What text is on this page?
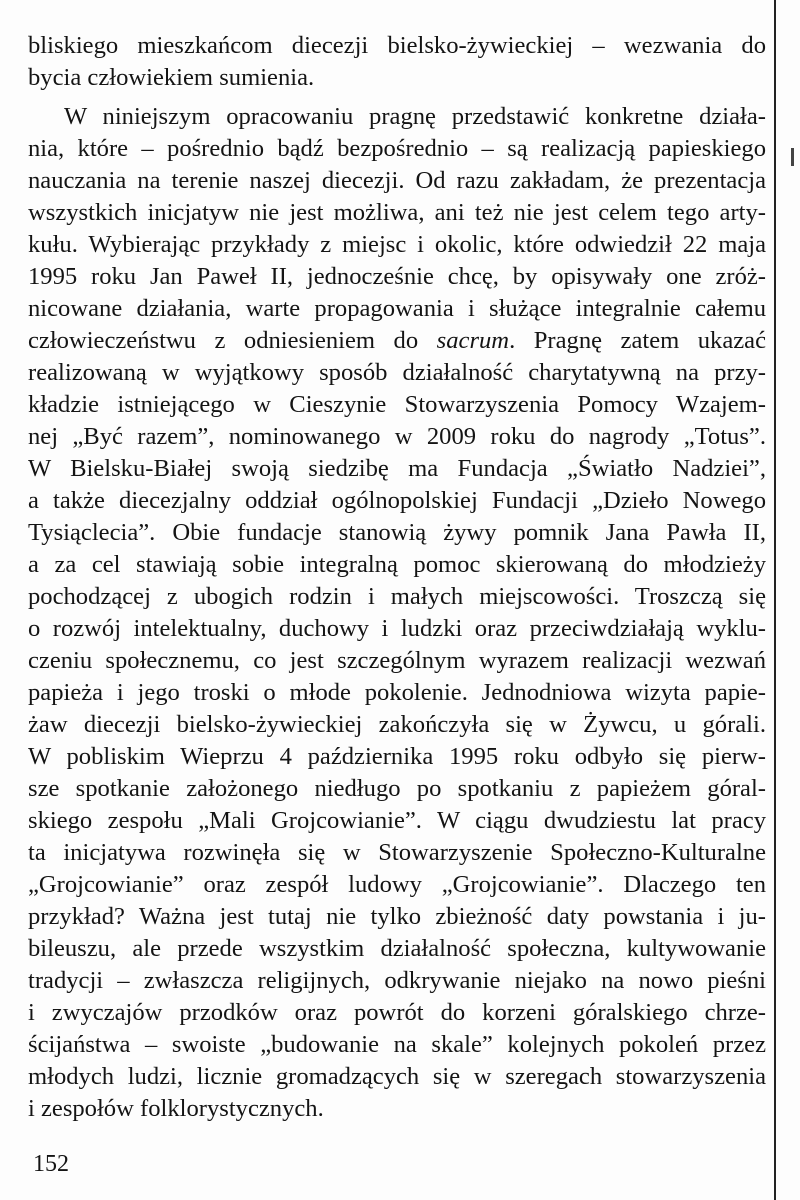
bliskiego mieszkańcom diecezji bielsko-żywieckiej – wezwania do
bycia człowiekiem sumienia.
W niniejszym opracowaniu pragnę przedstawić konkretne działa-
nia, które – pośrednio bądź bezpośrednio – są realizacją papieskiego
nauczania na terenie naszej diecezji. Od razu zakładam, że prezentacja
wszystkich inicjatyw nie jest możliwa, ani też nie jest celem tego arty-
kułu. Wybierając przykłady z miejsc i okolic, które odwiedził 22 maja
1995 roku Jan Paweł II, jednocześnie chcę, by opisywały one zróż-
nicowane działania, warte propagowania i służące integralnie całemu
człowieczeństwu z odniesieniem do sacrum. Pragnę zatem ukazać
realizowaną w wyjątkowy sposób działalność charytatywną na przy-
kładzie istniejącego w Cieszynie Stowarzyszenia Pomocy Wzajem-
nej „Być razem”, nominowanego w 2009 roku do nagrody „Totus”.
W Bielsku-Białej swoją siedzibę ma Fundacja „Światło Nadziei”,
a także diecezjalny oddział ogólnopolskiej Fundacji „Dzieło Nowego
Tysiąclecia”. Obie fundacje stanowią żywy pomnik Jana Pawła II,
a za cel stawiają sobie integralną pomoc skierowaną do młodzieży
pochodzącej z ubogich rodzin i małych miejscowości. Troszczą się
o rozwój intelektualny, duchowy i ludzki oraz przeciwdziałają wyklu-
czeniu społecznemu, co jest szczególnym wyrazem realizacji wezwań
papieża i jego troski o młode pokolenie. Jednodniowa wizyta papie-
żaw diecezji bielsko-żywieckiej zakończyła się w Żywcu, u górali.
W pobliskim Wieprzu 4 października 1995 roku odbyło się pierw-
sze spotkanie założonego niedługo po spotkaniu z papieżem góral-
skiego zespołu „Mali Grojcowianie”. W ciągu dwudziestu lat pracy
ta inicjatywa rozwinęła się w Stowarzyszenie Społeczno-Kulturalne
„Grojcowianie” oraz zespół ludowy „Grojcowianie”. Dlaczego ten
przykład? Ważna jest tutaj nie tylko zbieżność daty powstania i ju-
bileuszu, ale przede wszystkim działalność społeczna, kultywowanie
tradycji – zwłaszcza religijnych, odkrywanie niejako na nowo pieśni
i zwyczajów przodków oraz powrót do korzeni góralskiego chrze-
ścijaństwa – swoiste „budowanie na skale” kolejnych pokoleń przez
młodych ludzi, licznie gromadzących się w szeregach stowarzyszenia
i zespołów folklorystycznych.
152
